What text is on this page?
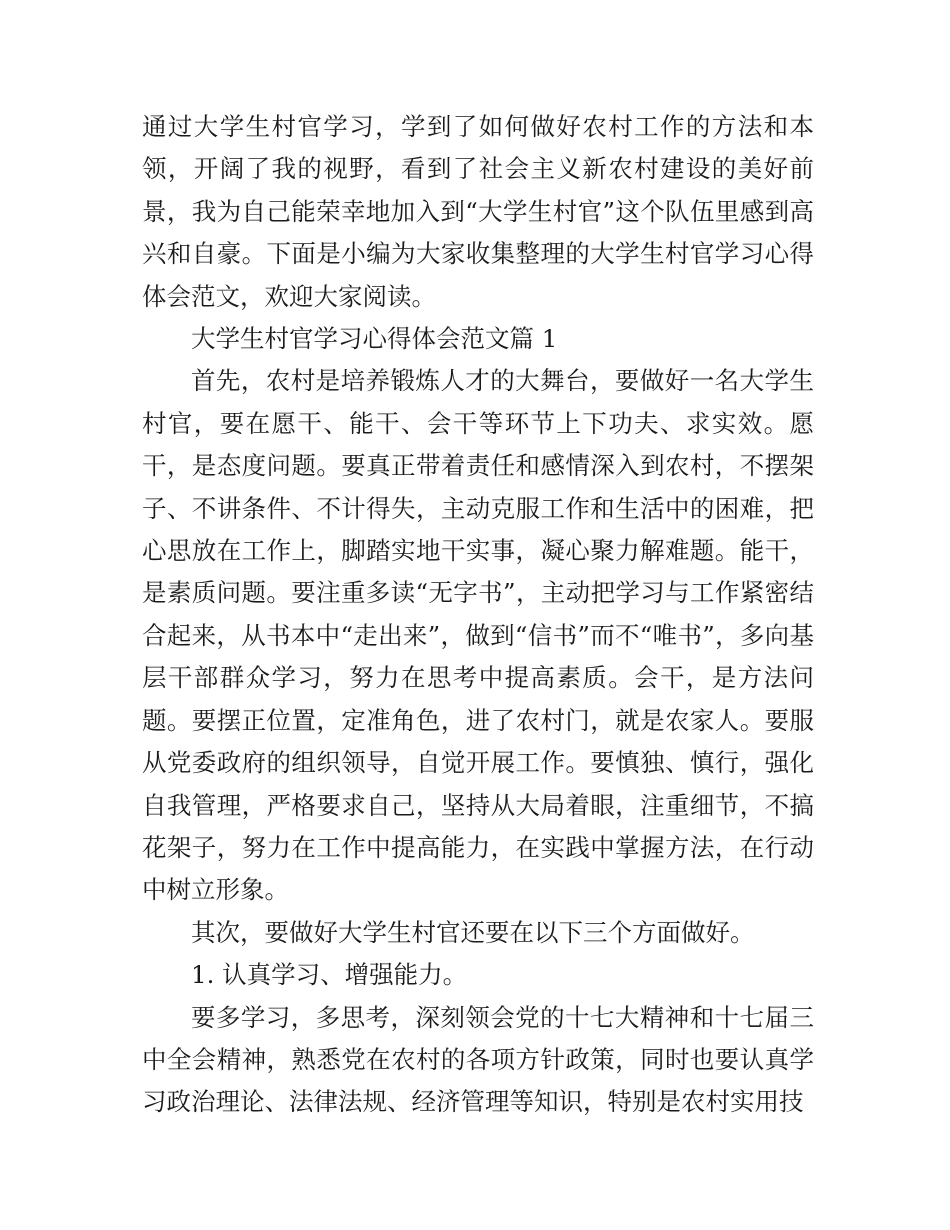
通过大学生村官学习，学到了如何做好农村工作的方法和本领，开阔了我的视野，看到了社会主义新农村建设的美好前景，我为自己能荣幸地加入到“大学生村官”这个队伍里感到高兴和自豪。下面是小编为大家收集整理的大学生村官学习心得体会范文，欢迎大家阅读。

大学生村官学习心得体会范文篇 1

首先，农村是培养锻炼人才的大舞台，要做好一名大学生村官，要在愿干、能干、会干等环节上下功夫、求实效。愿干，是态度问题。要真正带着责任和感情深入到农村，不摆架子、不讲条件、不计得失，主动克服工作和生活中的困难，把心思放在工作上，脚踏实地干实事，凝心聚力解难题。能干，是素质问题。要注重多读“无字书”，主动把学习与工作紧密结合起来，从书本中“走出来”，做到“信书”而不“唯书”，多向基层干部群众学习，努力在思考中提高素质。会干，是方法问题。要摆正位置，定准角色，进了农村门，就是农家人。要服从党委政府的组织领导，自觉开展工作。要慎独、慎行，强化自我管理，严格要求自己，坚持从大局着眼，注重细节，不搞花架子，努力在工作中提高能力，在实践中掌握方法，在行动中树立形象。

其次，要做好大学生村官还要在以下三个方面做好。

1. 认真学习、增强能力。

要多学习，多思考，深刻领会党的十七大精神和十七届三中全会精神，熟悉党在农村的各项方针政策，同时也要认真学习政治理论、法律法规、经济管理等知识，特别是农村实用技
